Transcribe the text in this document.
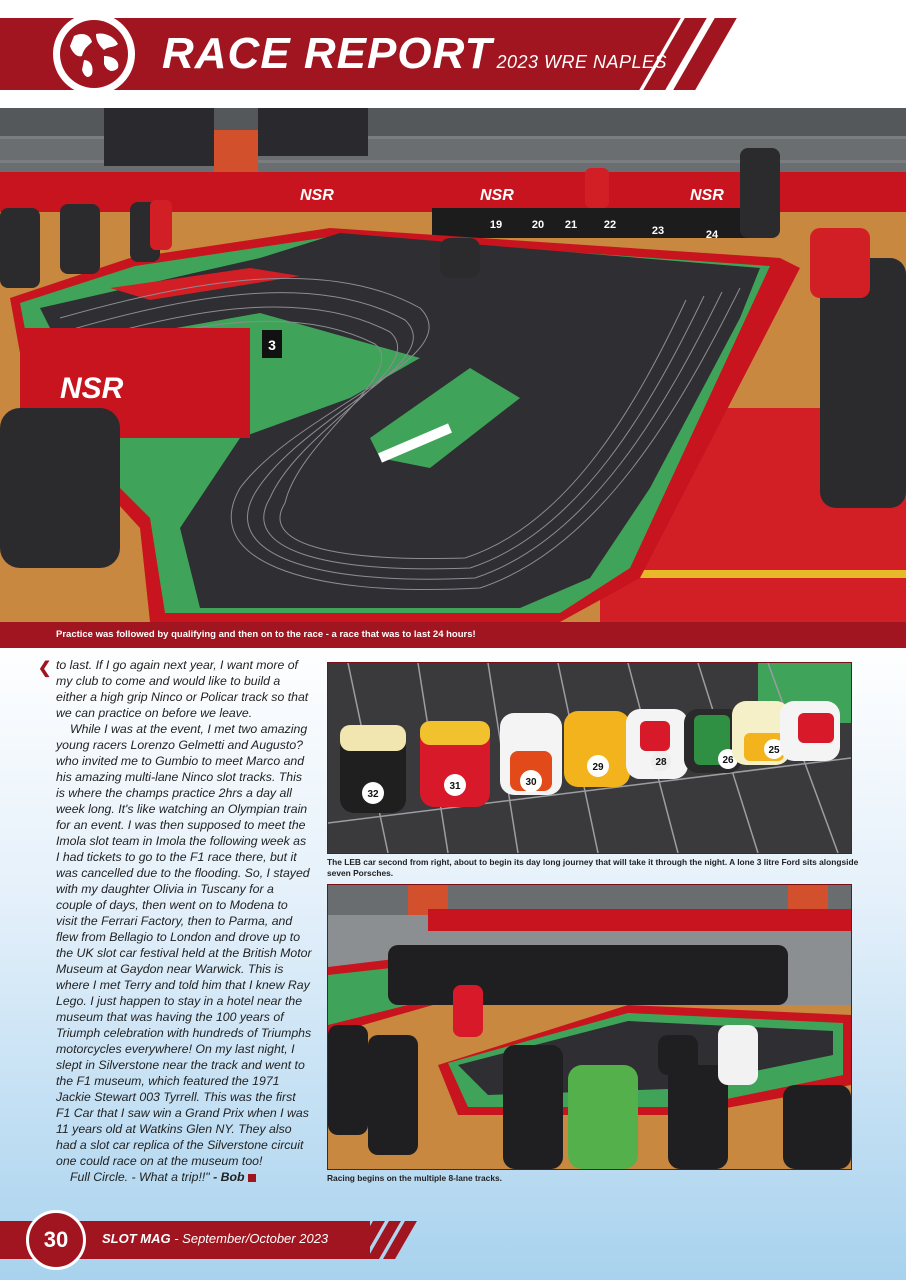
RACE REPORT 2023 WRE NAPLES
NSR	NSR	NSR
19	20 21 22	23	24
NSR
3
Practice was followed by qualifying and then on to the race - a race that was to last 24 hours!
❮ to last. If I go again next year, I want more of my club to come and would like to build a either a high grip Ninco or Policar track so that we can practice on before we leave.

While I was at the event, I met two amazing young racers Lorenzo Gelmetti and Augusto? who invited me to Gumbio to meet Marco and his amazing multi-lane Ninco slot tracks. This is where the champs practice 2hrs a day all week long. It's like watching an Olympian train for an event. I was then supposed to meet the Imola slot team in Imola the following week as I had tickets to go to the F1 race there, but it was cancelled due to the flooding. So, I stayed with my daughter Olivia in Tuscany for a couple of days, then went on to Modena to visit the Ferrari Factory, then to Parma, and flew from Bellagio to London and drove up to the UK slot car festival held at the British Motor Museum at Gaydon near Warwick. This is where I met Terry and told him that I knew Ray Lego. I just happen to stay in a hotel near the museum that was having the 100 years of Triumph celebration with hundreds of Triumphs motorcycles everywhere! On my last night, I slept in Silverstone near the track and went to the F1 museum, which featured the 1971 Jackie Stewart 003 Tyrrell. This was the first F1 Car that I saw win a Grand Prix when I was 11 years old at Watkins Glen NY. They also had a slot car replica of the Silverstone circuit one could race on at the museum too!

Full Circle. - What a trip!!" - Bob

32
31	30
29	28	26
25
The LEB car second from right, about to begin its day long journey that will take it through the night. A lone 3 litre Ford sits alongside seven Porsches.
Racing begins on the multiple 8-lane tracks.
30	SLOT MAG - September/October 2023
